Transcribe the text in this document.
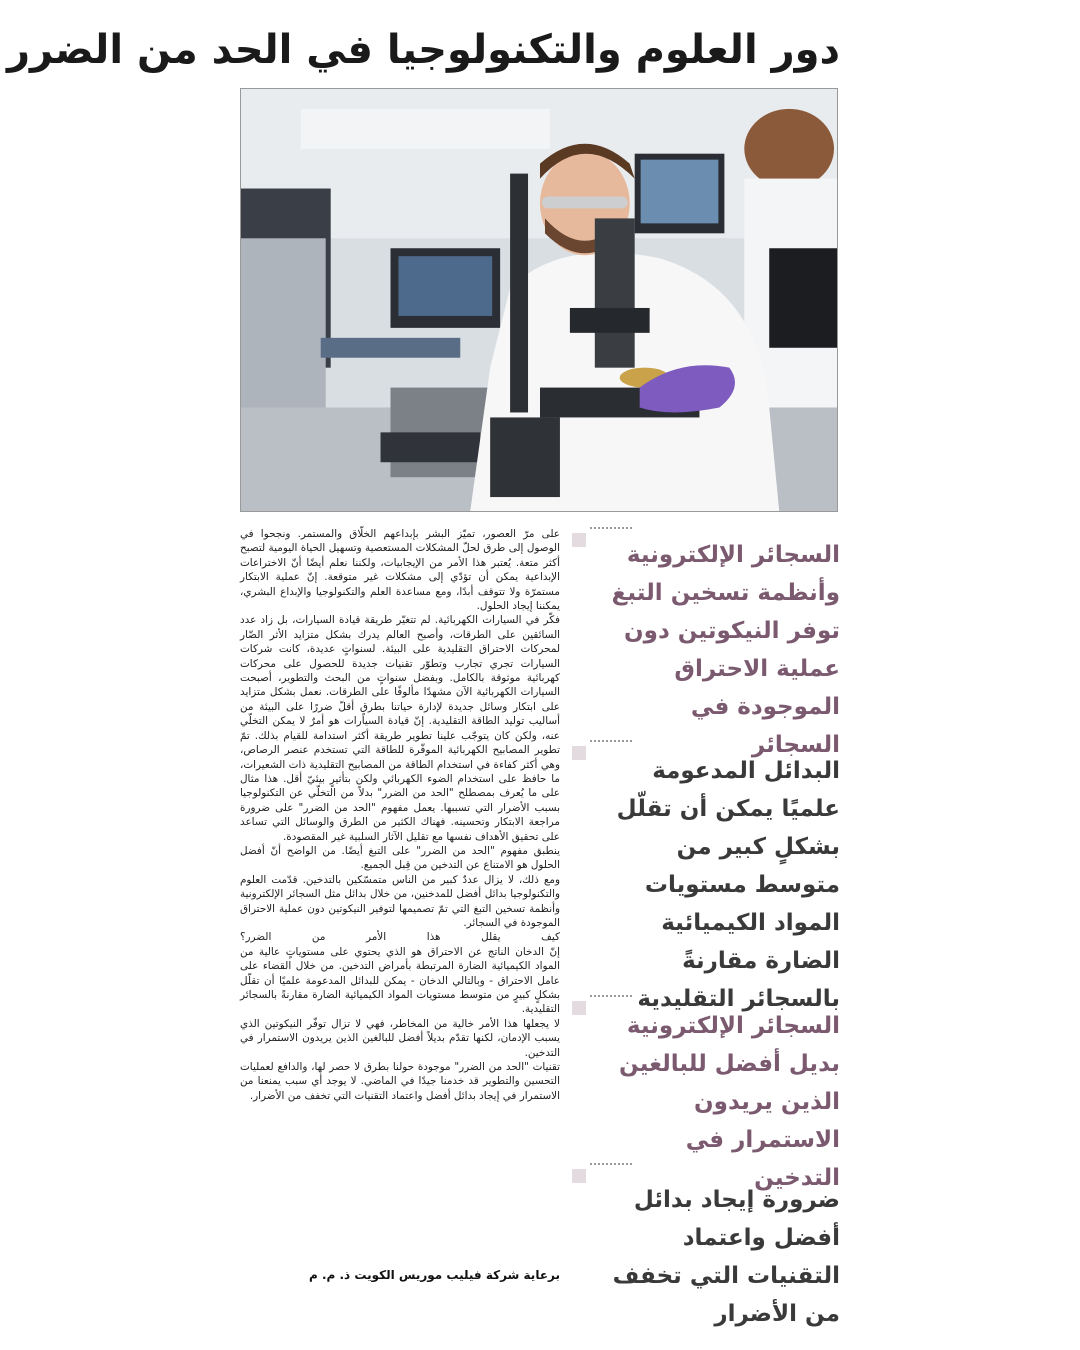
دور العلوم والتكنولوجيا في الحد من الضرر

على مرّ العصور، تميّز البشر بإبداعهم الخلّاق والمستمر. ونجحوا في الوصول إلى طرق لحلّ المشكلات المستعصية وتسهيل الحياة اليومية لتصبح أكثر متعة. يُعتبر هذا الأمر من الإيجابيات، ولكننا نعلم أيضًا أنّ الاختراعات الإبداعية يمكن أن تؤدّي إلى مشكلات غير متوقعة. إنّ عملية الابتكار مستمرّة ولا تتوقف أبدًا، ومع مساعدة العلم والتكنولوجيا والإبداع البشري، يمكننا إيجاد الحلول.

فكّر في السيارات الكهربائية. لم تتغيّر طريقة قيادة السيارات، بل زاد عدد السائقين على الطرقات، وأصبح العالم يدرك بشكل متزايد الأثر الضّار لمحركات الاحتراق التقليدية على البيئة. لسنواتٍ عديدة، كانت شركات السيارات تجري تجارب وتطوّر تقنيات جديدة للحصول على محركات كهربائية موثوقة بالكامل. وبفضل سنواتٍ من البحث والتطوير، أصبحت السيارات الكهربائية الآن مشهدًا مألوفًا على الطرقات. نعمل بشكل متزايد على ابتكار وسائل جديدة لإدارة حياتنا بطرقٍ أقلّ ضررًا على البيئة من أساليب توليد الطاقة التقليدية. إنّ قيادة السيارات هو أمرٌ لا يمكن التخلّي عنه، ولكن كان يتوجّب علينا تطوير طريقة أكثر استدامة للقيام بذلك. تمّ تطوير المصابيح الكهربائية الموفّرة للطاقة التي تستخدم عنصر الرصاص، وهي أكثر كفاءة في استخدام الطاقة من المصابيح التقليدية ذات الشعيرات، ما حافظ على استخدام الضوء الكهربائي ولكن بتأثيرٍ بيئيّ أقل. هذا مثال على ما يُعرف بمصطلح "الحد من الضرر" بدلاً من التخلّي عن التكنولوجيا بسبب الأضرار التي تسببها. يعمل مفهوم "الحد من الضرر" على ضرورة مراجعة الابتكار وتحسينه. فهناك الكثير من الطرق والوسائل التي تساعد على تحقيق الأهداف نفسها مع تقليل الآثار السلبية غير المقصودة.

ينطبق مفهوم "الحد من الضرر" على التبغ أيضًا. من الواضح أنّ أفضل الحلول هو الامتناع عن التدخين من قِبل الجميع.

ومع ذلك، لا يزال عددٌ كبير من الناس متمسّكين بالتدخين. قدّمت العلوم والتكنولوجيا بدائل أفضل للمدخنين، من خلال بدائل مثل السجائر الإلكترونية وأنظمة تسخين التبغ التي تمّ تصميمها لتوفير النيكوتين دون عملية الاحتراق الموجودة في السجائر.

كيف يقلل هذا الأمر من الضرر؟

إنّ الدخان الناتج عن الاحتراق هو الذي يحتوي على مستوياتٍ عالية من المواد الكيميائية الضارة المرتبطة بأمراض التدخين. من خلال القضاء على عامل الاحتراق - وبالتالي الدخان - يمكن للبدائل المدعومة علميًا أن تقلّل بشكلٍ كبيرٍ من متوسط مستويات المواد الكيميائية الضارة مقارنةً بالسجائر التقليدية.

لا يجعلها هذا الأمر خالية من المخاطر، فهي لا تزال توفّر النيكوتين الذي يسبب الإدمان، لكنها تقدّم بديلاً أفضل للبالغين الذين يريدون الاستمرار في التدخين.

تقنيات "الحد من الضرر" موجودة حولنا بطرق لا حصر لها، والدافع لعمليات التحسين والتطوير قد خدمنا جيدًا في الماضي. لا يوجد أي سبب يمنعنا من الاستمرار في إيجاد بدائل أفضل واعتماد التقنيات التي تخفف من الأضرار.

برعاية شركة فيليب موريس الكويت ذ. م. م
السجائر الإلكترونية وأنظمة تسخين التبغ توفر النيكوتين دون عملية الاحتراق الموجودة في السجائر
البدائل المدعومة علميًا يمكن أن تقلّل بشكلٍ كبير من متوسط مستويات المواد الكيميائية الضارة مقارنةً بالسجائر التقليدية
السجائر الإلكترونية بديل أفضل للبالغين الذين يريدون الاستمرار في التدخين
ضرورة إيجاد بدائل أفضل واعتماد التقنيات التي تخفف من الأضرار
